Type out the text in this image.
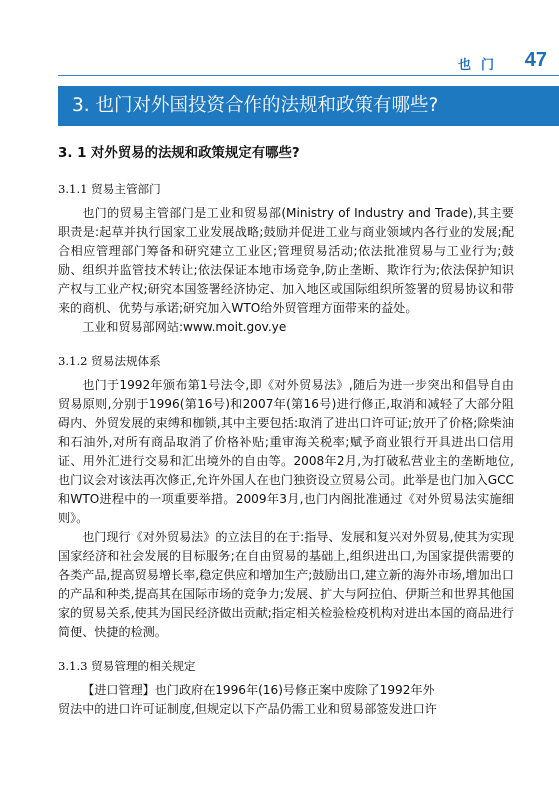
也门 47
3. 也门对外国投资合作的法规和政策有哪些?
3. 1 对外贸易的法规和政策规定有哪些?
3.1.1 贸易主管部门

也门的贸易主管部门是工业和贸易部(Ministry of Industry and Trade),其主要职责是:起草并执行国家工业发展战略;鼓励并促进工业与商业领域内各行业的发展;配合相应管理部门筹备和研究建立工业区;管理贸易活动;依法批准贸易与工业行为;鼓励、组织并监管技术转让;依法保证本地市场竞争,防止垄断、欺诈行为;依法保护知识产权与工业产权;研究本国签署经济协定、加入地区或国际组织所签署的贸易协议和带来的商机、优势与承诺;研究加入WTO给外贸管理方面带来的益处。

工业和贸易部网站:www.moit.gov.ye

3.1.2 贸易法规体系

也门于1992年颁布第1号法令,即《对外贸易法》,随后为进一步突出和倡导自由贸易原则,分别于1996(第16号)和2007年(第16号)进行修正,取消和减轻了大部分阻碍内、外贸发展的束缚和枷锁,其中主要包括:取消了进出口许可证;放开了价格;除柴油和石油外,对所有商品取消了价格补贴;重审海关税率;赋予商业银行开具进出口信用证、用外汇进行交易和汇出境外的自由等。2008年2月,为打破私营业主的垄断地位,也门议会对该法再次修正,允许外国人在也门独资设立贸易公司。此举是也门加入GCC和WTO进程中的一项重要举措。2009年3月,也门内阁批准通过《对外贸易法实施细则》。

也门现行《对外贸易法》的立法目的在于:指导、发展和复兴对外贸易,使其为实现国家经济和社会发展的目标服务;在自由贸易的基础上,组织进出口,为国家提供需要的各类产品,提高贸易增长率,稳定供应和增加生产;鼓励出口,建立新的海外市场,增加出口的产品和种类,提高其在国际市场的竞争力;发展、扩大与阿拉伯、伊斯兰和世界其他国家的贸易关系,使其为国民经济做出贡献;指定相关检验检疫机构对进出本国的商品进行简便、快捷的检测。

3.1.3 贸易管理的相关规定

【进口管理】也门政府在1996年(16)号修正案中废除了1992年外

贸法中的进口许可证制度,但规定以下产品仍需工业和贸易部签发进口许
